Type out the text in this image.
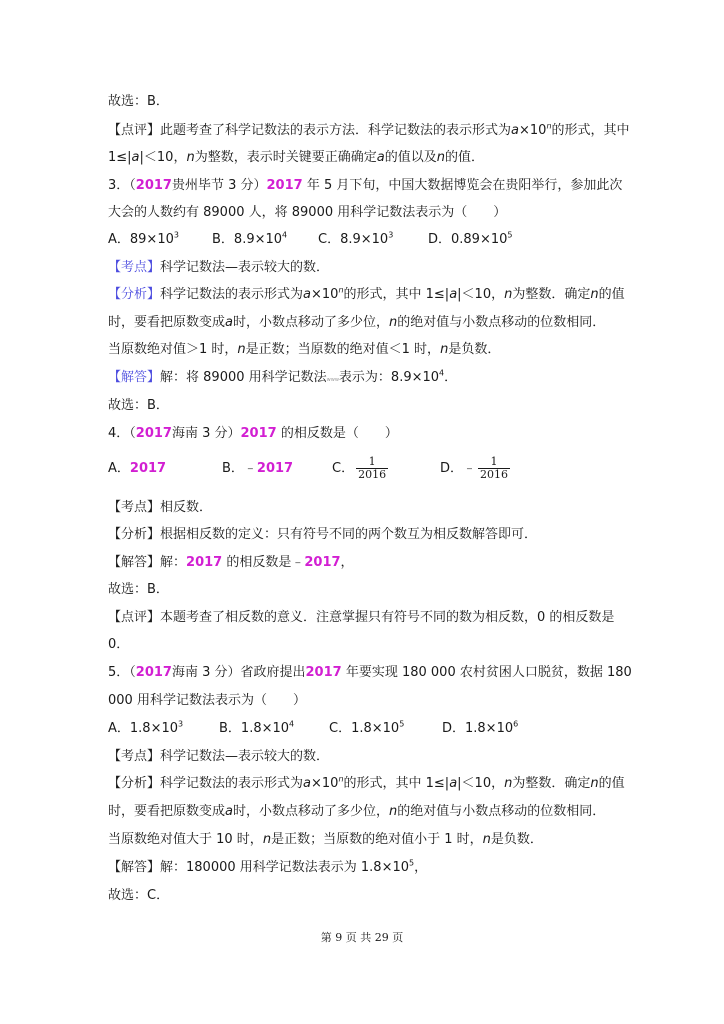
故选：B．
【点评】此题考查了科学记数法的表示方法．科学记数法的表示形式为$a\times 10^n$的形式，其中
1≤|a|＜10，n为整数，表示时关键要正确确定a的值以及n的值．
3．（2017贵州毕节 3 分）2017 年 5 月下旬，中国大数据博览会在贵阳举行，参加此次
大会的人数约有 89000 人，将 89000 用科学记数法表示为（　　）
A．$89\times 10^3$	B．$8.9\times 10^4$ C．$8.9\times 10^3$	D．$0.89\times 10^5$
【考点】科学记数法—表示较大的数．
【分析】科学记数法的表示形式为$a\times 10^n$的形式，其中 1≤|a|＜10，n为整数．确定n的值
时，要看把原数变成a时，小数点移动了多少位，n的绝对值与小数点移动的位数相同．
当原数绝对值＞1 时，n是正数；当原数的绝对值＜1 时，n是负数．
【解答】解：将 89000 用科学记数法www表示为：$8.9\times 10^4$．
故选：B．
4．（2017海南 3 分）2017 的相反数是（　　）
A．2017	B．﹣2017	C． $\frac{1}{2016}$	D．﹣ $\frac{1}{2016}$
【考点】相反数．
【分析】根据相反数的定义：只有符号不同的两个数互为相反数解答即可．
【解答】解：2017 的相反数是﹣2017，
故选：B．
【点评】本题考查了相反数的意义．注意掌握只有符号不同的数为相反数，0 的相反数是
0．
5．（2017海南 3 分）省政府提出2017 年要实现 180 000 农村贫困人口脱贫，数据 180
000 用科学记数法表示为（　　）
A．$1.8\times 10^3$	B．$1.8\times 10^4$	C．$1.8\times 10^5$	D．$1.8\times 10^6$
【考点】科学记数法—表示较大的数．
【分析】科学记数法的表示形式为$a\times 10^n$的形式，其中 1≤|a|＜10，n为整数．确定n的值
时，要看把原数变成a时，小数点移动了多少位，n的绝对值与小数点移动的位数相同．
当原数绝对值大于 10 时，n是正数；当原数的绝对值小于 1 时，n是负数．
【解答】解：180000 用科学记数法表示为 $1.8\times 10^5$，
故选：C．
第 9 页 共 29 页
